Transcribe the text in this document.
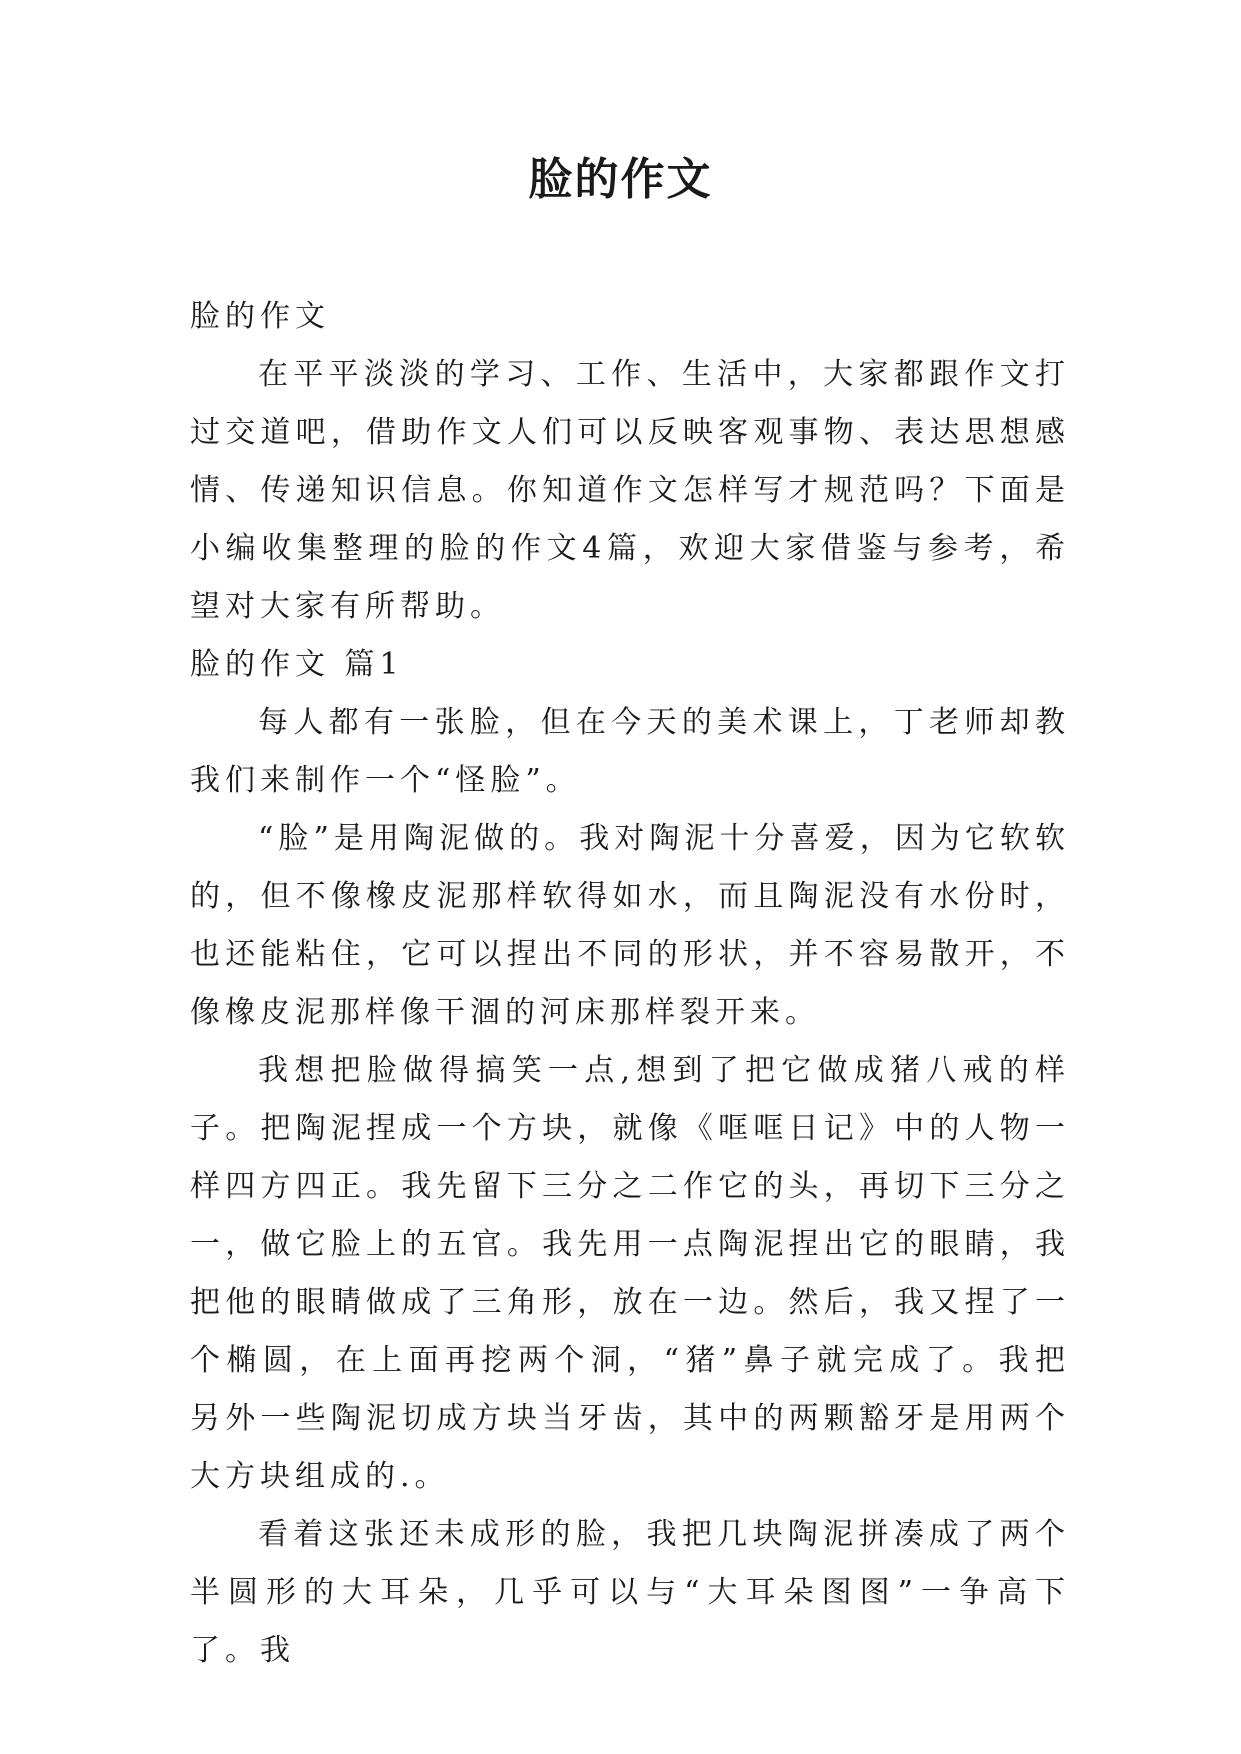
脸的作文

脸的作文

在平平淡淡的学习、工作、生活中，大家都跟作文打过交道吧，借助作文人们可以反映客观事物、表达思想感情、传递知识信息。你知道作文怎样写才规范吗？下面是小编收集整理的脸的作文4篇，欢迎大家借鉴与参考，希望对大家有所帮助。

脸的作文 篇1

每人都有一张脸，但在今天的美术课上，丁老师却教我们来制作一个“怪脸”。

“脸”是用陶泥做的。我对陶泥十分喜爱，因为它软软的，但不像橡皮泥那样软得如水，而且陶泥没有水份时，也还能粘住，它可以捏出不同的形状，并不容易散开，不像橡皮泥那样像干涸的河床那样裂开来。

我想把脸做得搞笑一点,想到了把它做成猪八戒的样子。把陶泥捏成一个方块，就像《哐哐日记》中的人物一样四方四正。我先留下三分之二作它的头，再切下三分之一，做它脸上的五官。我先用一点陶泥捏出它的眼睛，我把他的眼睛做成了三角形，放在一边。然后，我又捏了一个椭圆，在上面再挖两个洞，“猪”鼻子就完成了。我把另外一些陶泥切成方块当牙齿，其中的两颗豁牙是用两个大方块组成的.。

看着这张还未成形的脸，我把几块陶泥拼凑成了两个半圆形的大耳朵，几乎可以与“大耳朵图图”一争高下了。我
